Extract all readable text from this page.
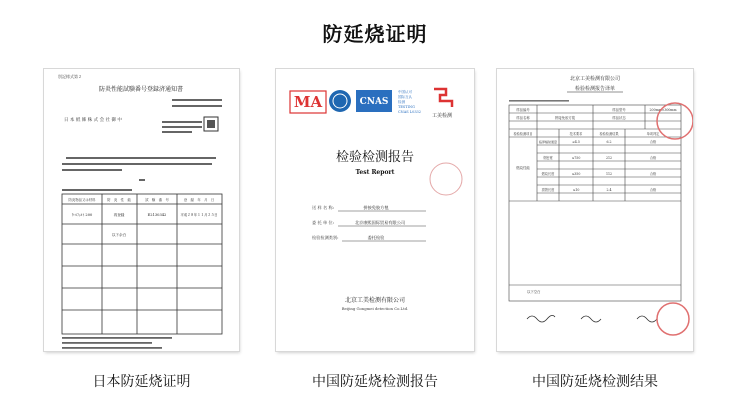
防延烧证明
別記様式第２
防炎性能試験番号登録済通知書
日 本 紙 飾 株 式 会 社 御 中
防炎物品又は材料	防　炎　性　能	試　験　番　号	登　録　年　月　日
ｳｰﾙﾌｪﾙﾄ 200	再登録	E2130342	平成２８年１１月２５日
以下余白
MA	CNAS
中国认可
国际互认
检测
TESTING
CNAS L0332
工美检测
检验检测报告
Test Report
送 样 名 称:	拼接免胶方毯
委 托 单 位:	北京康熙国际贸易有限公司
检验检测类别:	委托检验
北京工美检测有限公司
Beijing Gongmei detection Co.Ltd.
北京工美检测有限公司
检验检测报告译单
样品编号	样品型号	200mm×300mm
样品名称	拼接免胶方毯	样品状态
检验检测项目	技术要求	检验检测结果	单项判定
燃烧性能
临界辐射通量	≥4.5	6.2	合格
烟密度	≤750	212	合格
燃烧长度	≤350	112	合格
损毁长度	≤10	2.4	合格
以下空白
日本防延烧证明	中国防延烧检测报告	中国防延烧检测结果
